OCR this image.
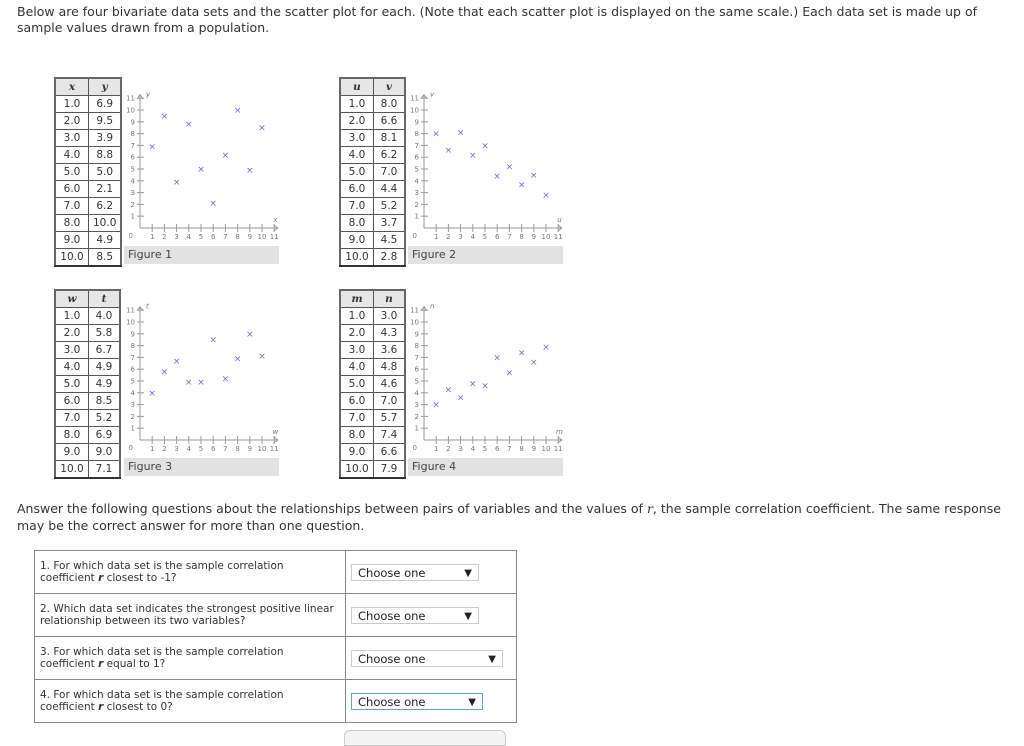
Below are four bivariate data sets and the scatter plot for each. (Note that each scatter plot is displayed on the same scale.) Each data set is made up of sample values drawn from a population.
x	y
1.0	6.9
2.0	9.5
3.0	3.9
4.0	8.8
5.0	5.0
6.0	2.1
7.0	6.2
8.0	10.0
9.0	4.9
10.0	8.5
1 2 3 4 5 6 7 8 9 10 11
1
2
3
4
5
6
7
8
9
10
11
0
x
y
×
×
×
×
×
×
×
×
×
×
Figure 1
u	v
1.0	8.0
2.0	6.6
3.0	8.1
4.0	6.2
5.0	7.0
6.0	4.4
7.0	5.2
8.0	3.7
9.0	4.5
10.0	2.8
1 2 3 4 5 6 7 8 9 10 11
1
2
3
4
5
6
7
8
9
10
11
0
u
v
×
×
×
×
×
×
×
×
×
×
Figure 2
w	t
1.0	4.0
2.0	5.8
3.0	6.7
4.0	4.9
5.0	4.9
6.0	8.5
7.0	5.2
8.0	6.9
9.0	9.0
10.0	7.1
1 2 3 4 5 6 7 8 9 10 11
1
2
3
4
5
6
7
8
9
10
11
0
w
t
×
×
×
× ×
×
×
×
×
×
Figure 3
m	n
1.0	3.0
2.0	4.3
3.0	3.6
4.0	4.8
5.0	4.6
6.0	7.0
7.0	5.7
8.0	7.4
9.0	6.6
10.0	7.9
1 2 3 4 5 6 7 8 9 10 11
1
2
3
4
5
6
7
8
9
10
11
0
m
n
×
×
×
× ×
×
×
×
×
×
Figure 4
Answer the following questions about the relationships between pairs of variables and the values of r, the sample correlation coefficient. The same response may be the correct answer for more than one question.
1. For which data set is the sample correlation coefficient r closest to -1?	Choose one ▼

2. Which data set indicates the strongest positive linear relationship between its two variables?	Choose one ▼

3. For which data set is the sample correlation coefficient r equal to 1?	Choose one ▼

4. For which data set is the sample correlation coefficient r closest to 0?	Choose one ▼
